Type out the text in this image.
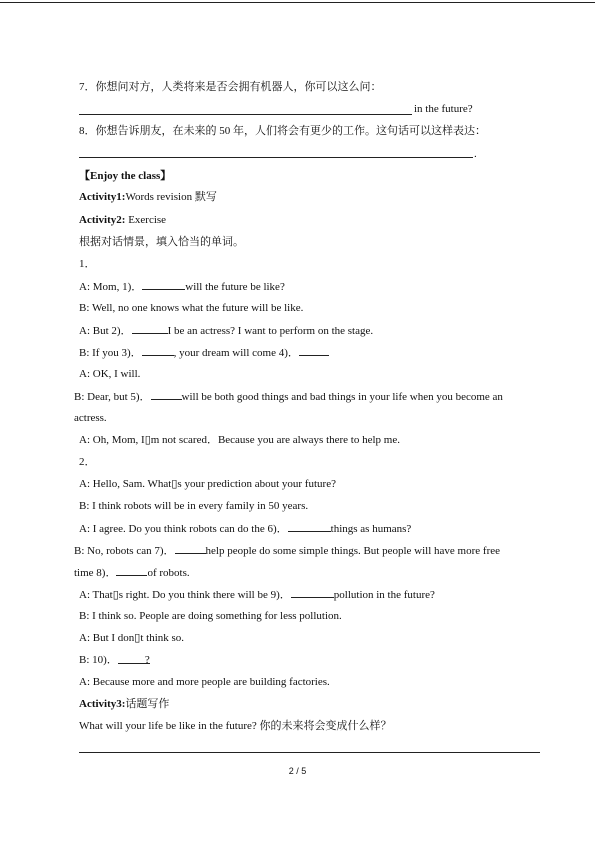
7．你想问对方，人类将来是否会拥有机器人，你可以这么问：
in the future?
8．你想告诉朋友，在未来的 50 年，人们将会有更少的工作。这句话可以这样表达：
.
【Enjoy the class】
Activity1:Words revision 默写
Activity2: Exercise
根据对话情景，填入恰当的单词。
1．
A: Mom, 1)．	will the future be like?
B: Well, no one knows what the future will be like.
A: But 2)．	I be an actress? I want to perform on the stage.
B: If you 3)．	, your dream will come 4)．
A: OK, I will.
B: Dear, but 5)．	will be both good things and bad things in your life when you become an
actress.
A: Oh, Mom, I▯m not scared．Because you are always there to help me.
2．
A: Hello, Sam. What▯s your prediction about your future?
B: I think robots will be in every family in 50 years.
A: I agree. Do you think robots can do the 6)．	things as humans?
B: No, robots can 7)．	help people do some simple things. But people will have more free
time 8)．	of robots.
A: That▯s right. Do you think there will be 9)．	pollution in the future?
B: I think so. People are doing something for less pollution.
A: But I don▯t think so.
B: 10)． ?
A: Because more and more people are building factories.
Activity3:话题写作
What will your life be like in the future? 你的未来将会变成什么样？
2 / 5
